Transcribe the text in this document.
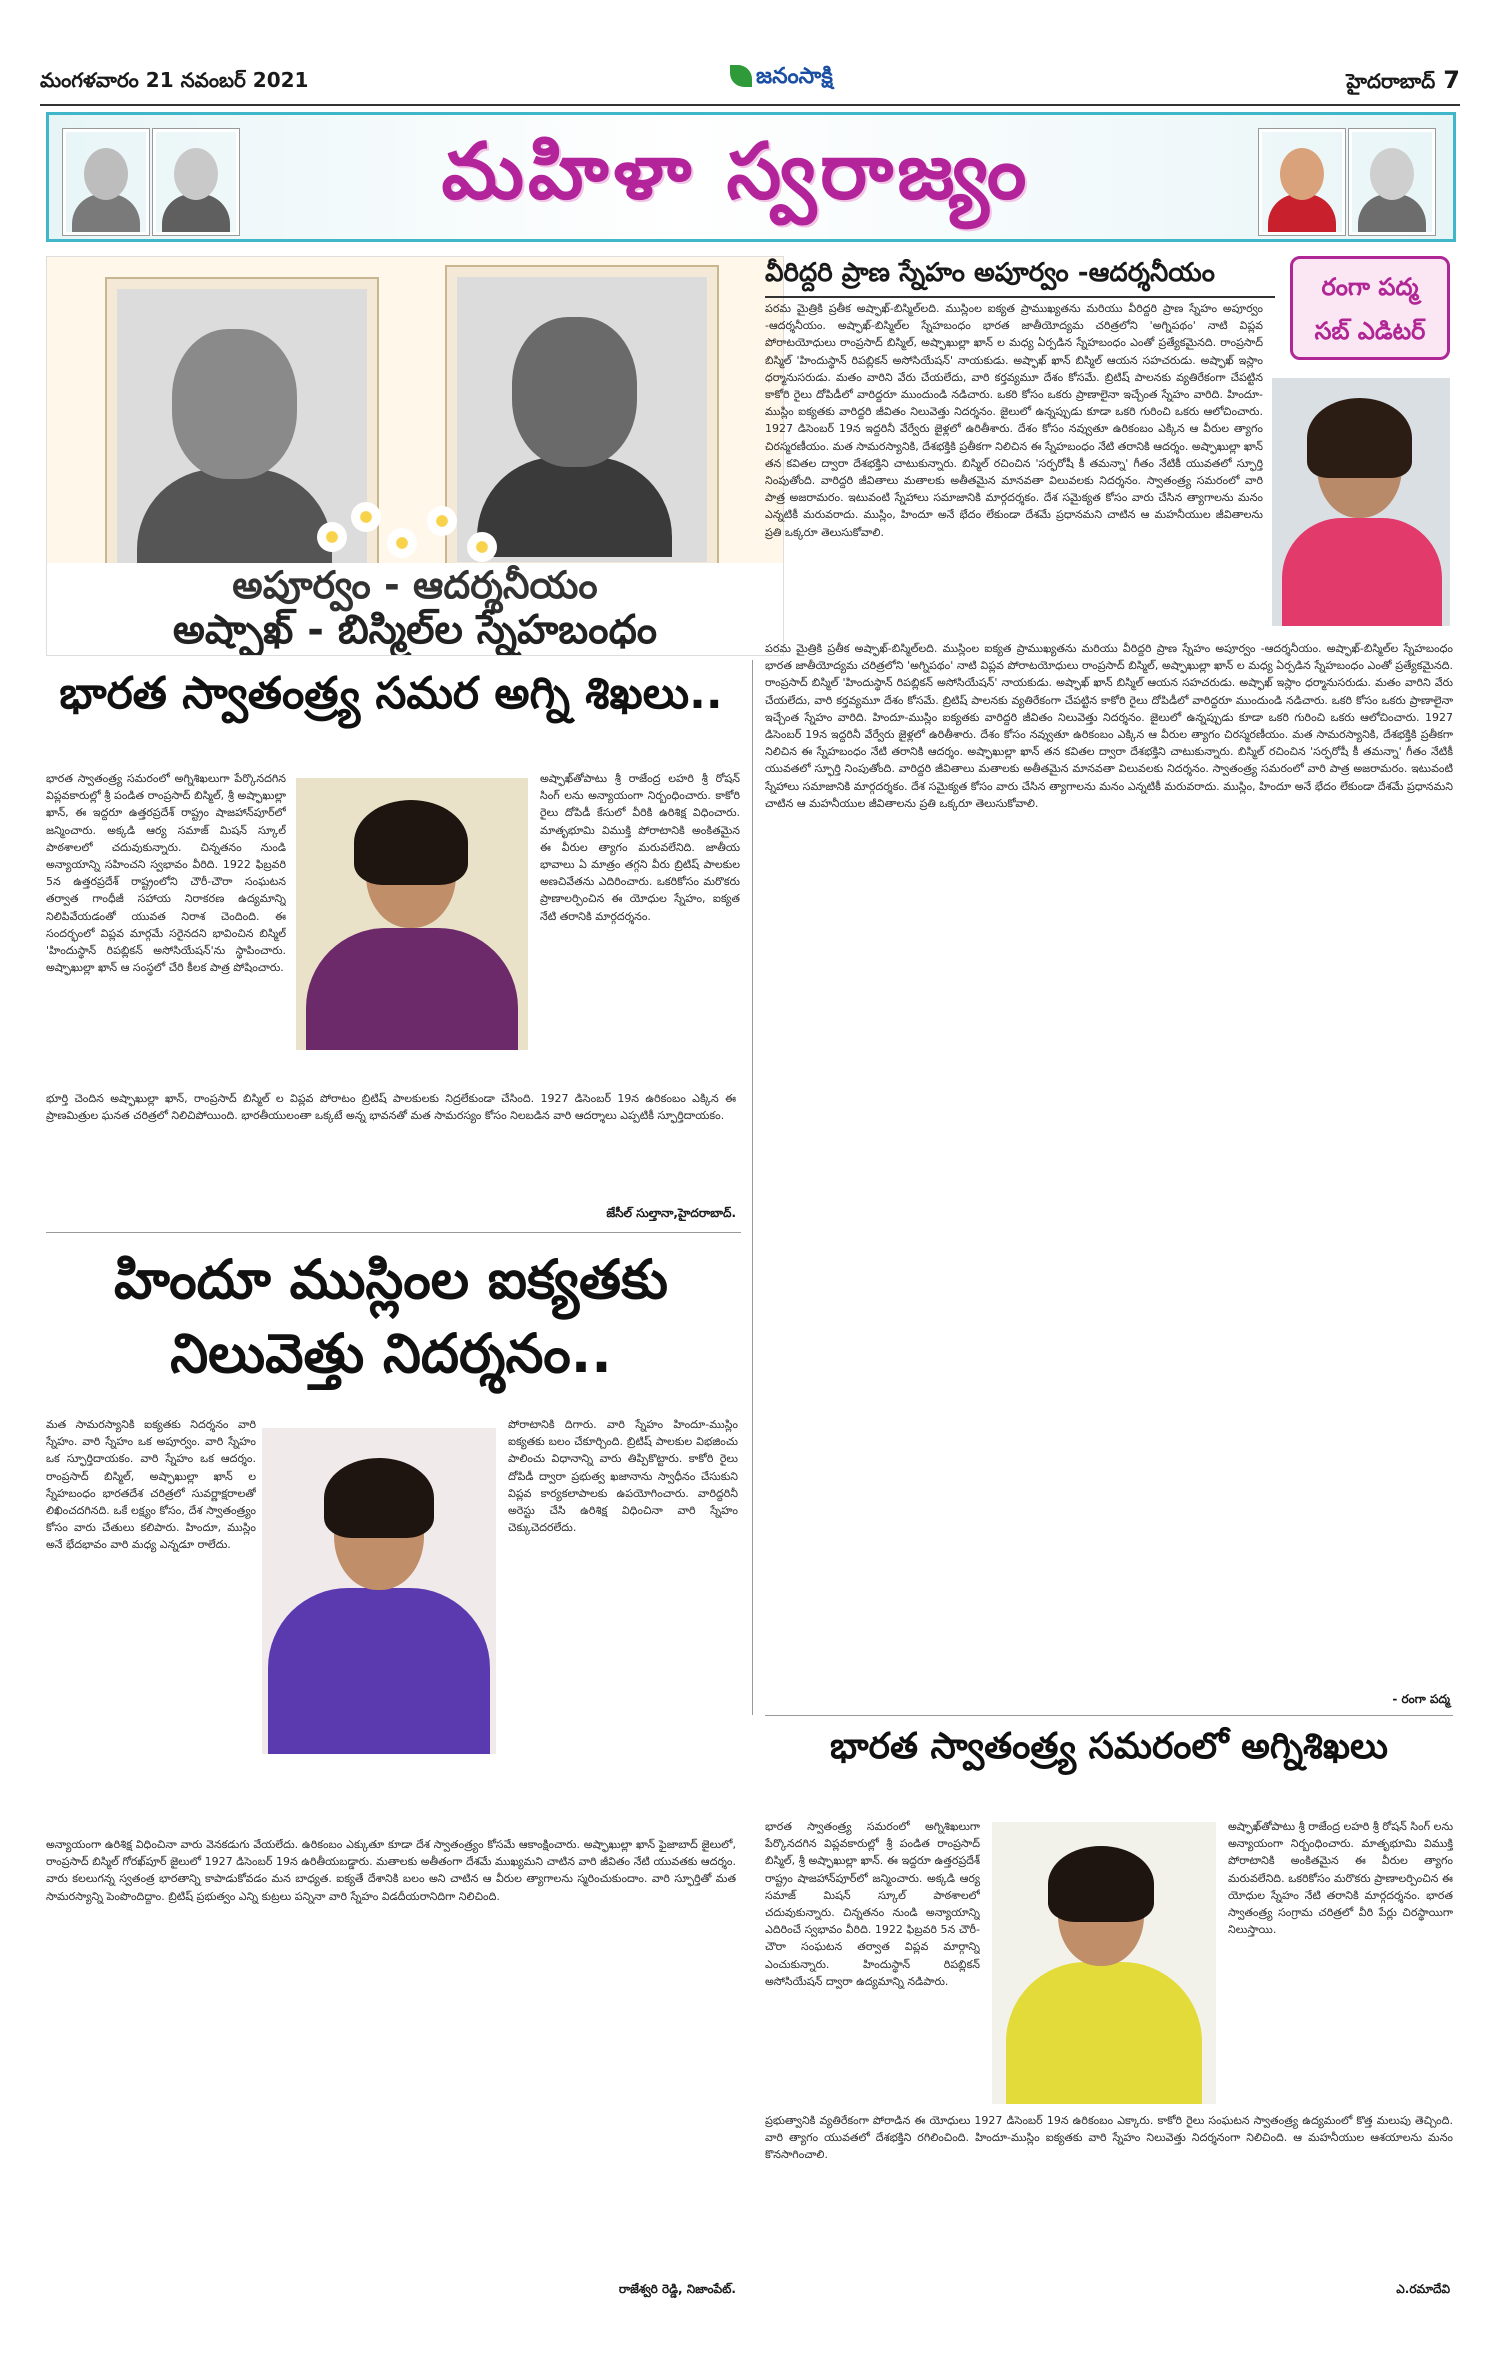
మంగళవారం 21 నవంబర్ 2021	జనంసాక్షి	హైదరాబాద్ 7
మహిళా స్వరాజ్యం
అపూర్వం - ఆదర్శనీయం
అష్ఫాఖ్ - బిస్మిల్‌ల స్నేహబంధం
వీరిద్దరి ప్రాణ స్నేహం అపూర్వం -ఆదర్శనీయం	రంగా పద్మ
సబ్ ఎడిటర్
పరమ మైత్రికి ప్రతీక అష్ఫాఖ్-బిస్మిల్‌లది. ముస్లింల ఐక్యత ప్రాముఖ్యతను మరియు వీరిద్దరి ప్రాణ స్నేహం అపూర్వం -ఆదర్శనీయం. అష్ఫాఖ్-బిస్మిల్‌ల స్నేహబంధం భారత జాతీయోద్యమ చరిత్రలోని 'అగ్నిపథం' నాటి విప్లవ పోరాటయోధులు రాంప్రసాద్ బిస్మిల్, అష్ఫాఖుల్లా ఖాన్ ల మధ్య ఏర్పడిన స్నేహబంధం ఎంతో ప్రత్యేకమైనది. రాంప్రసాద్ బిస్మిల్ 'హిందుస్థాన్ రిపబ్లికన్ అసోసియేషన్' నాయకుడు. అష్ఫాఖ్ ఖాన్ బిస్మిల్ ఆయన సహచరుడు. అష్ఫాఖ్ ఇస్లాం ధర్మానుసరుడు. మతం వారిని వేరు చేయలేదు, వారి కర్తవ్యమూ దేశం కోసమే. బ్రిటిష్ పాలనకు వ్యతిరేకంగా చేపట్టిన కాకోరి రైలు దోపిడీలో వారిద్దరూ ముందుండి నడిచారు. ఒకరి కోసం ఒకరు ప్రాణాలైనా ఇచ్చేంత స్నేహం వారిది. హిందూ-ముస్లిం ఐక్యతకు వారిద్దరి జీవితం నిలువెత్తు నిదర్శనం. జైలులో ఉన్నప్పుడు కూడా ఒకరి గురించి ఒకరు ఆలోచించారు. 1927 డిసెంబర్ 19న ఇద్దరినీ వేర్వేరు జైళ్లలో ఉరితీశారు. దేశం కోసం నవ్వుతూ ఉరికంబం ఎక్కిన ఆ వీరుల త్యాగం చిరస్మరణీయం. మత సామరస్యానికి, దేశభక్తికి ప్రతీకగా నిలిచిన ఈ స్నేహబంధం నేటి తరానికి ఆదర్శం. అష్ఫాఖుల్లా ఖాన్ తన కవితల ద్వారా దేశభక్తిని చాటుకున్నారు. బిస్మిల్ రచించిన 'సర్ఫరోషీ కీ తమన్నా' గీతం నేటికీ యువతలో స్ఫూర్తి నింపుతోంది. వారిద్దరి జీవితాలు మతాలకు అతీతమైన మానవతా విలువలకు నిదర్శనం. స్వాతంత్ర్య సమరంలో వారి పాత్ర అజరామరం. ఇటువంటి స్నేహాలు సమాజానికి మార్గదర్శకం. దేశ సమైక్యత కోసం వారు చేసిన త్యాగాలను మనం ఎన్నటికీ మరువరాదు. ముస్లిం, హిందూ అనే భేదం లేకుండా దేశమే ప్రధానమని చాటిన ఆ మహనీయుల జీవితాలను ప్రతి ఒక్కరూ తెలుసుకోవాలి.
పరమ మైత్రికి ప్రతీక అష్ఫాఖ్-బిస్మిల్‌లది. ముస్లింల ఐక్యత ప్రాముఖ్యతను మరియు వీరిద్దరి ప్రాణ స్నేహం అపూర్వం -ఆదర్శనీయం. అష్ఫాఖ్-బిస్మిల్‌ల స్నేహబంధం భారత జాతీయోద్యమ చరిత్రలోని 'అగ్నిపథం' నాటి విప్లవ పోరాటయోధులు రాంప్రసాద్ బిస్మిల్, అష్ఫాఖుల్లా ఖాన్ ల మధ్య ఏర్పడిన స్నేహబంధం ఎంతో ప్రత్యేకమైనది. రాంప్రసాద్ బిస్మిల్ 'హిందుస్థాన్ రిపబ్లికన్ అసోసియేషన్' నాయకుడు. అష్ఫాఖ్ ఖాన్ బిస్మిల్ ఆయన సహచరుడు. అష్ఫాఖ్ ఇస్లాం ధర్మానుసరుడు. మతం వారిని వేరు చేయలేదు, వారి కర్తవ్యమూ దేశం కోసమే. బ్రిటిష్ పాలనకు వ్యతిరేకంగా చేపట్టిన కాకోరి రైలు దోపిడీలో వారిద్దరూ ముందుండి నడిచారు. ఒకరి కోసం ఒకరు ప్రాణాలైనా ఇచ్చేంత స్నేహం వారిది. హిందూ-ముస్లిం ఐక్యతకు వారిద్దరి జీవితం నిలువెత్తు నిదర్శనం. జైలులో ఉన్నప్పుడు కూడా ఒకరి గురించి ఒకరు ఆలోచించారు. 1927 డిసెంబర్ 19న ఇద్దరినీ వేర్వేరు జైళ్లలో ఉరితీశారు. దేశం కోసం నవ్వుతూ ఉరికంబం ఎక్కిన ఆ వీరుల త్యాగం చిరస్మరణీయం. మత సామరస్యానికి, దేశభక్తికి ప్రతీకగా నిలిచిన ఈ స్నేహబంధం నేటి తరానికి ఆదర్శం. అష్ఫాఖుల్లా ఖాన్ తన కవితల ద్వారా దేశభక్తిని చాటుకున్నారు. బిస్మిల్ రచించిన 'సర్ఫరోషీ కీ తమన్నా' గీతం నేటికీ యువతలో స్ఫూర్తి నింపుతోంది. వారిద్దరి జీవితాలు మతాలకు అతీతమైన మానవతా విలువలకు నిదర్శనం. స్వాతంత్ర్య సమరంలో వారి పాత్ర అజరామరం. ఇటువంటి స్నేహాలు సమాజానికి మార్గదర్శకం. దేశ సమైక్యత కోసం వారు చేసిన త్యాగాలను మనం ఎన్నటికీ మరువరాదు. ముస్లిం, హిందూ అనే భేదం లేకుండా దేశమే ప్రధానమని చాటిన ఆ మహనీయుల జీవితాలను ప్రతి ఒక్కరూ తెలుసుకోవాలి.
- రంగా పద్మ
భారత స్వాతంత్ర్య సమర అగ్ని శిఖలు..
భారత స్వాతంత్ర్య సమరంలో అగ్నిశిఖలుగా పేర్కొనదగిన విప్లవకారుల్లో శ్రీ పండిత రాంప్రసాద్ బిస్మిల్, శ్రీ అష్ఫాఖుల్లా ఖాన్, ఈ ఇద్దరూ ఉత్తరప్రదేశ్ రాష్ట్రం షాజహాన్‌పూర్‌లో జన్మించారు. అక్కడి ఆర్య సమాజ్ మిషన్ స్కూల్ పాఠశాలలో చదువుకున్నారు. చిన్నతనం నుండి అన్యాయాన్ని సహించని స్వభావం వీరిది. 1922 ఫిబ్రవరి 5న ఉత్తరప్రదేశ్ రాష్ట్రంలోని చౌరీ-చౌరా సంఘటన తర్వాత గాంధీజీ సహాయ నిరాకరణ ఉద్యమాన్ని నిలిపివేయడంతో యువత నిరాశ చెందింది. ఈ సందర్భంలో విప్లవ మార్గమే సరైనదని భావించిన బిస్మిల్ 'హిందుస్థాన్ రిపబ్లికన్ అసోసియేషన్'ను స్థాపించారు. అష్ఫాఖుల్లా ఖాన్ ఆ సంస్థలో చేరి కీలక పాత్ర పోషించారు.
అష్ఫాఖ్‌తోపాటు శ్రీ రాజేంద్ర లహరి శ్రీ రోషన్ సింగ్ లను అన్యాయంగా నిర్బంధించారు. కాకోరి రైలు దోపిడీ కేసులో వీరికి ఉరిశిక్ష విధించారు. మాతృభూమి విముక్తి పోరాటానికి అంకితమైన ఈ వీరుల త్యాగం మరువలేనిది. జాతీయ భావాలు ఏ మాత్రం తగ్గని వీరు బ్రిటిష్ పాలకుల అణచివేతను ఎదిరించారు. ఒకరికోసం మరొకరు ప్రాణాలర్పించిన ఈ యోధుల స్నేహం, ఐక్యత నేటి తరానికి మార్గదర్శనం.
భూర్తి చెందిన అష్ఫాఖుల్లా ఖాన్, రాంప్రసాద్ బిస్మిల్ ల విప్లవ పోరాటం బ్రిటిష్ పాలకులకు నిద్రలేకుండా చేసింది. 1927 డిసెంబర్ 19న ఉరికంబం ఎక్కిన ఈ ప్రాణమిత్రుల ఘనత చరిత్రలో నిలిచిపోయింది. భారతీయులంతా ఒక్కటే అన్న భావనతో మత సామరస్యం కోసం నిలబడిన వారి ఆదర్శాలు ఎప్పటికీ స్ఫూర్తిదాయకం.
జేసీల్ సుల్తానా,హైదరాబాద్.
హిందూ ముస్లింల ఐక్యతకు
నిలువెత్తు నిదర్శనం..
మత సామరస్యానికి ఐక్యతకు నిదర్శనం వారి స్నేహం. వారి స్నేహం ఒక అపూర్వం. వారి స్నేహం ఒక స్ఫూర్తిదాయకం. వారి స్నేహం ఒక ఆదర్శం. రాంప్రసాద్ బిస్మిల్, అష్ఫాఖుల్లా ఖాన్ ల స్నేహబంధం భారతదేశ చరిత్రలో సువర్ణాక్షరాలతో లిఖించదగినది. ఒకే లక్ష్యం కోసం, దేశ స్వాతంత్ర్యం కోసం వారు చేతులు కలిపారు. హిందూ, ముస్లిం అనే భేదభావం వారి మధ్య ఎన్నడూ రాలేదు.
పోరాటానికి దిగారు. వారి స్నేహం హిందూ-ముస్లిం ఐక్యతకు బలం చేకూర్చింది. బ్రిటిష్ పాలకుల విభజించు పాలించు విధానాన్ని వారు తిప్పికొట్టారు. కాకోరి రైలు దోపిడీ ద్వారా ప్రభుత్వ ఖజానాను స్వాధీనం చేసుకుని విప్లవ కార్యకలాపాలకు ఉపయోగించారు. వారిద్దరినీ అరెస్టు చేసి ఉరిశిక్ష విధించినా వారి స్నేహం చెక్కుచెదరలేదు.
అన్యాయంగా ఉరిశిక్ష విధించినా వారు వెనకడుగు వేయలేదు. ఉరికంబం ఎక్కుతూ కూడా దేశ స్వాతంత్ర్యం కోసమే ఆకాంక్షించారు. అష్ఫాఖుల్లా ఖాన్ ఫైజాబాద్ జైలులో, రాంప్రసాద్ బిస్మిల్ గోరఖ్‌పూర్ జైలులో 1927 డిసెంబర్ 19న ఉరితీయబడ్డారు. మతాలకు అతీతంగా దేశమే ముఖ్యమని చాటిన వారి జీవితం నేటి యువతకు ఆదర్శం. వారు కలలుగన్న స్వతంత్ర భారతాన్ని కాపాడుకోవడం మన బాధ్యత. ఐక్యతే దేశానికి బలం అని చాటిన ఆ వీరుల త్యాగాలను స్మరించుకుందాం. వారి స్ఫూర్తితో మత సామరస్యాన్ని పెంపొందిద్దాం. బ్రిటిష్ ప్రభుత్వం ఎన్ని కుట్రలు పన్నినా వారి స్నేహం విడదీయరానిదిగా నిలిచింది.
రాజేశ్వరి రెడ్డి, నిజాంపేట్.
భారత స్వాతంత్ర్య సమరంలో అగ్నిశిఖలు
భారత స్వాతంత్ర్య సమరంలో అగ్నిశిఖలుగా పేర్కొనదగిన విప్లవకారుల్లో శ్రీ పండిత రాంప్రసాద్ బిస్మిల్, శ్రీ అష్ఫాఖుల్లా ఖాన్. ఈ ఇద్దరూ ఉత్తరప్రదేశ్ రాష్ట్రం షాజహాన్‌పూర్‌లో జన్మించారు. అక్కడి ఆర్య సమాజ్ మిషన్ స్కూల్ పాఠశాలలో చదువుకున్నారు. చిన్నతనం నుండి అన్యాయాన్ని ఎదిరించే స్వభావం వీరిది. 1922 ఫిబ్రవరి 5న చౌరీ-చౌరా సంఘటన తర్వాత విప్లవ మార్గాన్ని ఎంచుకున్నారు. హిందుస్థాన్ రిపబ్లికన్ అసోసియేషన్ ద్వారా ఉద్యమాన్ని నడిపారు.
అష్ఫాఖ్‌తోపాటు శ్రీ రాజేంద్ర లహరి శ్రీ రోషన్ సింగ్ లను అన్యాయంగా నిర్బంధించారు. మాతృభూమి విముక్తి పోరాటానికి అంకితమైన ఈ వీరుల త్యాగం మరువలేనిది. ఒకరికోసం మరొకరు ప్రాణాలర్పించిన ఈ యోధుల స్నేహం నేటి తరానికి మార్గదర్శనం. భారత స్వాతంత్ర్య సంగ్రామ చరిత్రలో వీరి పేర్లు చిరస్థాయిగా నిలుస్తాయి.
ప్రభుత్వానికి వ్యతిరేకంగా పోరాడిన ఈ యోధులు 1927 డిసెంబర్ 19న ఉరికంబం ఎక్కారు. కాకోరి రైలు సంఘటన స్వాతంత్ర్య ఉద్యమంలో కొత్త మలుపు తెచ్చింది. వారి త్యాగం యువతలో దేశభక్తిని రగిలించింది. హిందూ-ముస్లిం ఐక్యతకు వారి స్నేహం నిలువెత్తు నిదర్శనంగా నిలిచింది. ఆ మహనీయుల ఆశయాలను మనం కొనసాగించాలి.
ఎ.రమాదేవి
